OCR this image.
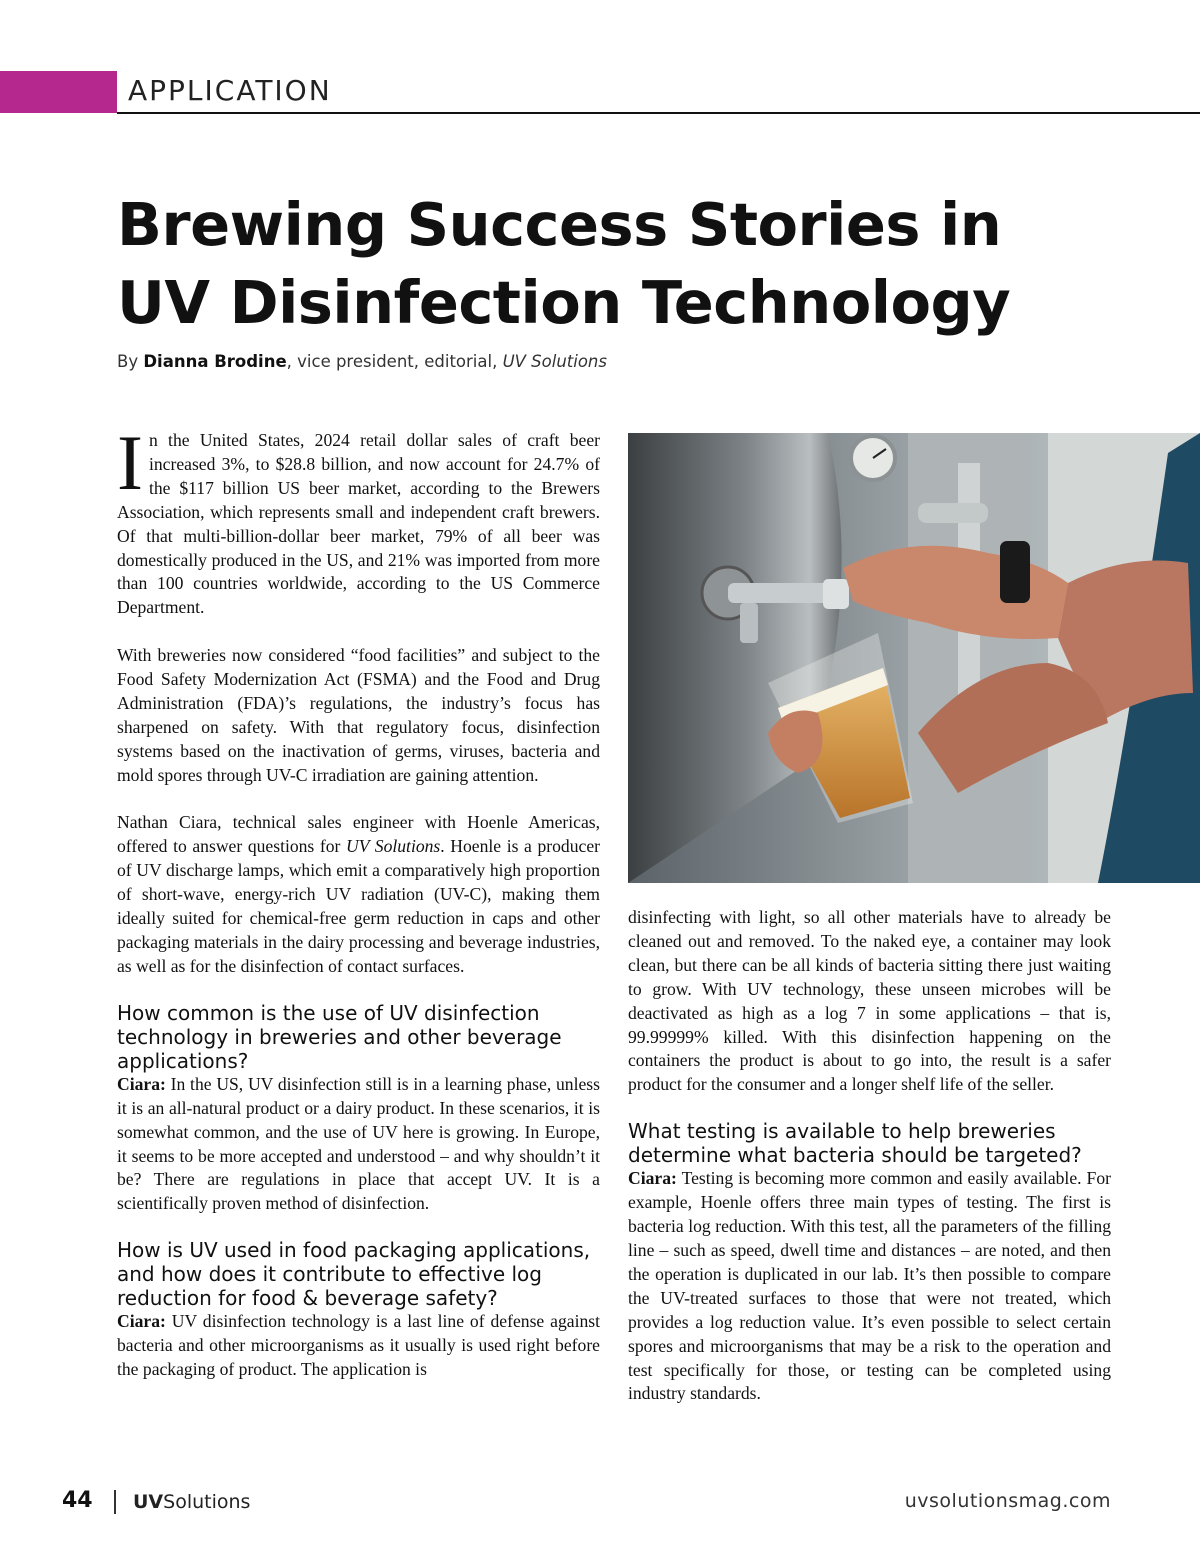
APPLICATION
Brewing Success Stories in
UV Disinfection Technology
By Dianna Brodine, vice president, editorial, UV Solutions

In the United States, 2024 retail dollar sales of craft beer increased 3%, to $28.8 billion, and now account for 24.7% of the $117 billion US beer market, according to the Brewers Association, which represents small and independent craft brewers. Of that multi-billion-dollar beer market, 79% of all beer was domestically produced in the US, and 21% was imported from more than 100 countries worldwide, according to the US Commerce Department.

With breweries now considered “food facilities” and subject to the Food Safety Modernization Act (FSMA) and the Food and Drug Administration (FDA)’s regulations, the industry’s focus has sharpened on safety. With that regulatory focus, disinfection systems based on the inactivation of germs, viruses, bacteria and mold spores through UV-C irradiation are gaining attention.

Nathan Ciara, technical sales engineer with Hoenle Americas, offered to answer questions for UV Solutions. Hoenle is a producer of UV discharge lamps, which emit a comparatively high proportion of short-wave, energy-rich UV radiation (UV-C), making them ideally suited for chemical-free germ reduction in caps and other packaging materials in the dairy processing and beverage industries, as well as for the disinfection of contact surfaces.

How common is the use of UV disinfection technology in breweries and other beverage applications?

Ciara: In the US, UV disinfection still is in a learning phase, unless it is an all-natural product or a dairy product. In these scenarios, it is somewhat common, and the use of UV here is growing. In Europe, it seems to be more accepted and understood – and why shouldn’t it be? There are regulations in place that accept UV. It is a scientifically proven method of disinfection.

How is UV used in food packaging applications, and how does it contribute to effective log reduction for food & beverage safety?

Ciara: UV disinfection technology is a last line of defense against bacteria and other microorganisms as it usually is used right before the packaging of product. The application is

disinfecting with light, so all other materials have to already be cleaned out and removed. To the naked eye, a container may look clean, but there can be all kinds of bacteria sitting there just waiting to grow. With UV technology, these unseen microbes will be deactivated as high as a log 7 in some applications – that is, 99.99999% killed. With this disinfection happening on the containers the product is about to go into, the result is a safer product for the consumer and a longer shelf life of the seller.

What testing is available to help breweries determine what bacteria should be targeted?

Ciara: Testing is becoming more common and easily available. For example, Hoenle offers three main types of testing. The first is bacteria log reduction. With this test, all the parameters of the filling line – such as speed, dwell time and distances – are noted, and then the operation is duplicated in our lab. It’s then possible to compare the UV-treated surfaces to those that were not treated, which provides a log reduction value. It’s even possible to select certain spores and microorganisms that may be a risk to the operation and test specifically for those, or testing can be completed using industry standards.

44 UVSolutions	uvsolutionsmag.com
